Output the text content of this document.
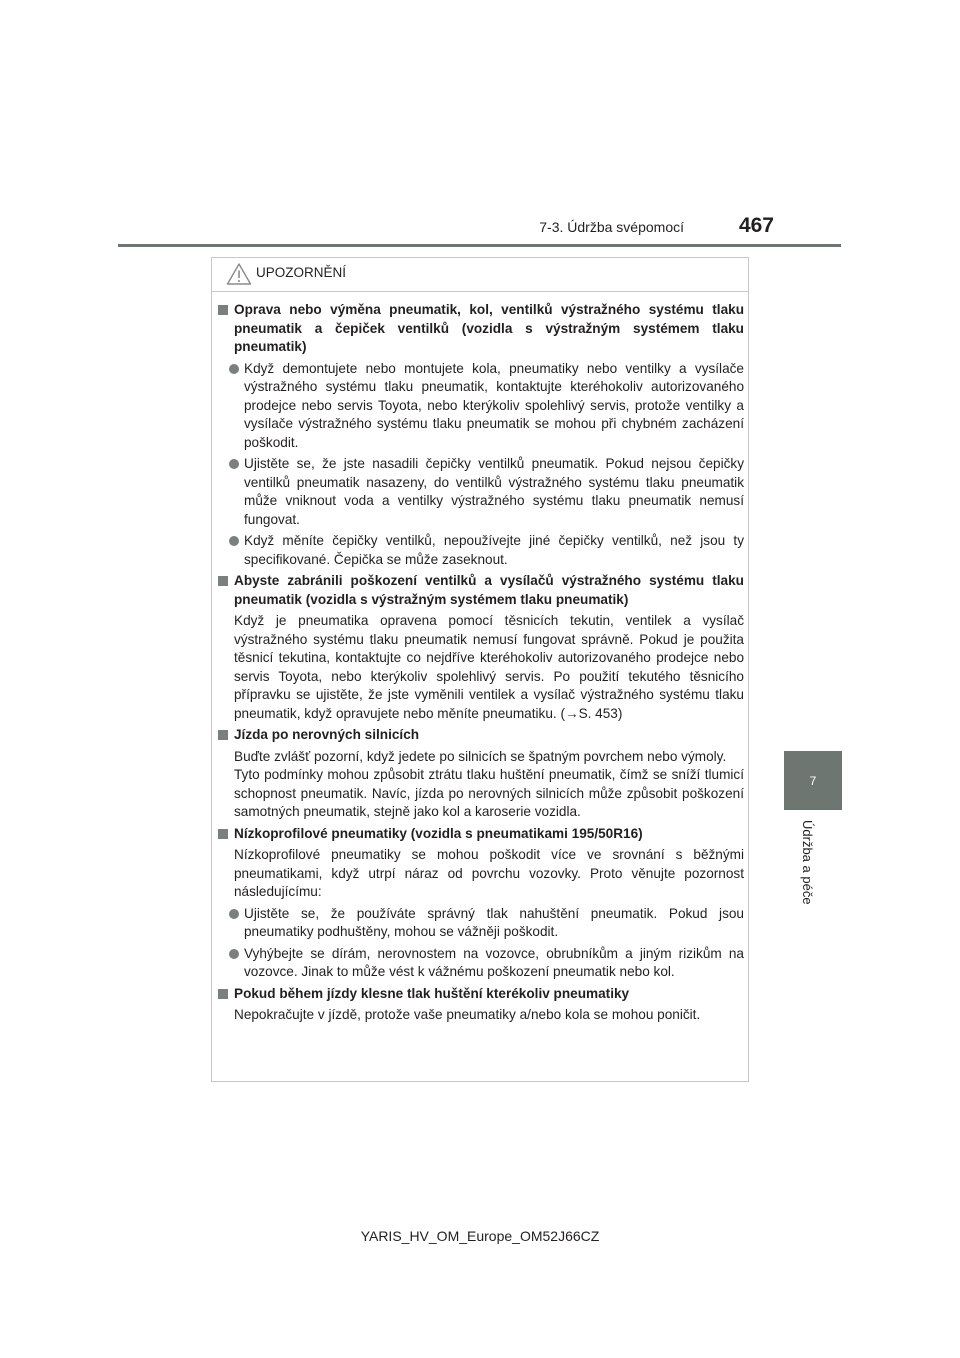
7-3. Údržba svépomocí	467
7
Údržba a péče
UPOZORNĚNÍ
Oprava nebo výměna pneumatik, kol, ventilků výstražného systému tlaku pneumatik a čepiček ventilků (vozidla s výstražným systémem tlaku pneumatik)
Když demontujete nebo montujete kola, pneumatiky nebo ventilky a vysílače výstražného systému tlaku pneumatik, kontaktujte kteréhokoliv autorizovaného prodejce nebo servis Toyota, nebo kterýkoliv spolehlivý servis, protože ventilky a vysílače výstražného systému tlaku pneumatik se mohou při chybném zacházení poškodit.
Ujistěte se, že jste nasadili čepičky ventilků pneumatik. Pokud nejsou čepičky ventilků pneumatik nasazeny, do ventilků výstražného systému tlaku pneumatik může vniknout voda a ventilky výstražného systému tlaku pneumatik nemusí fungovat.
Když měníte čepičky ventilků, nepoužívejte jiné čepičky ventilků, než jsou ty specifikované. Čepička se může zaseknout.
Abyste zabránili poškození ventilků a vysílačů výstražného systému tlaku pneumatik (vozidla s výstražným systémem tlaku pneumatik)
Když je pneumatika opravena pomocí těsnicích tekutin, ventilek a vysílač výstražného systému tlaku pneumatik nemusí fungovat správně. Pokud je použita těsnicí tekutina, kontaktujte co nejdříve kteréhokoliv autorizovaného prodejce nebo servis Toyota, nebo kterýkoliv spolehlivý servis. Po použití tekutého těsnicího přípravku se ujistěte, že jste vyměnili ventilek a vysílač výstražného systému tlaku pneumatik, když opravujete nebo měníte pneumatiku. (→S. 453)
Jízda po nerovných silnicích
Buďte zvlášť pozorní, když jedete po silnicích se špatným povrchem nebo výmoly.
Tyto podmínky mohou způsobit ztrátu tlaku huštění pneumatik, čímž se sníží tlumicí schopnost pneumatik. Navíc, jízda po nerovných silnicích může způsobit poškození samotných pneumatik, stejně jako kol a karoserie vozidla.
Nízkoprofilové pneumatiky (vozidla s pneumatikami 195/50R16)
Nízkoprofilové pneumatiky se mohou poškodit více ve srovnání s běžnými pneumatikami, když utrpí náraz od povrchu vozovky. Proto věnujte pozornost následujícímu:
Ujistěte se, že používáte správný tlak nahuštění pneumatik. Pokud jsou pneumatiky podhuštěny, mohou se vážněji poškodit.
Vyhýbejte se dírám, nerovnostem na vozovce, obrubníkům a jiným rizikům na vozovce. Jinak to může vést k vážnému poškození pneumatik nebo kol.
Pokud během jízdy klesne tlak huštění kterékoliv pneumatiky
Nepokračujte v jízdě, protože vaše pneumatiky a/nebo kola se mohou poničit.
YARIS_HV_OM_Europe_OM52J66CZ
